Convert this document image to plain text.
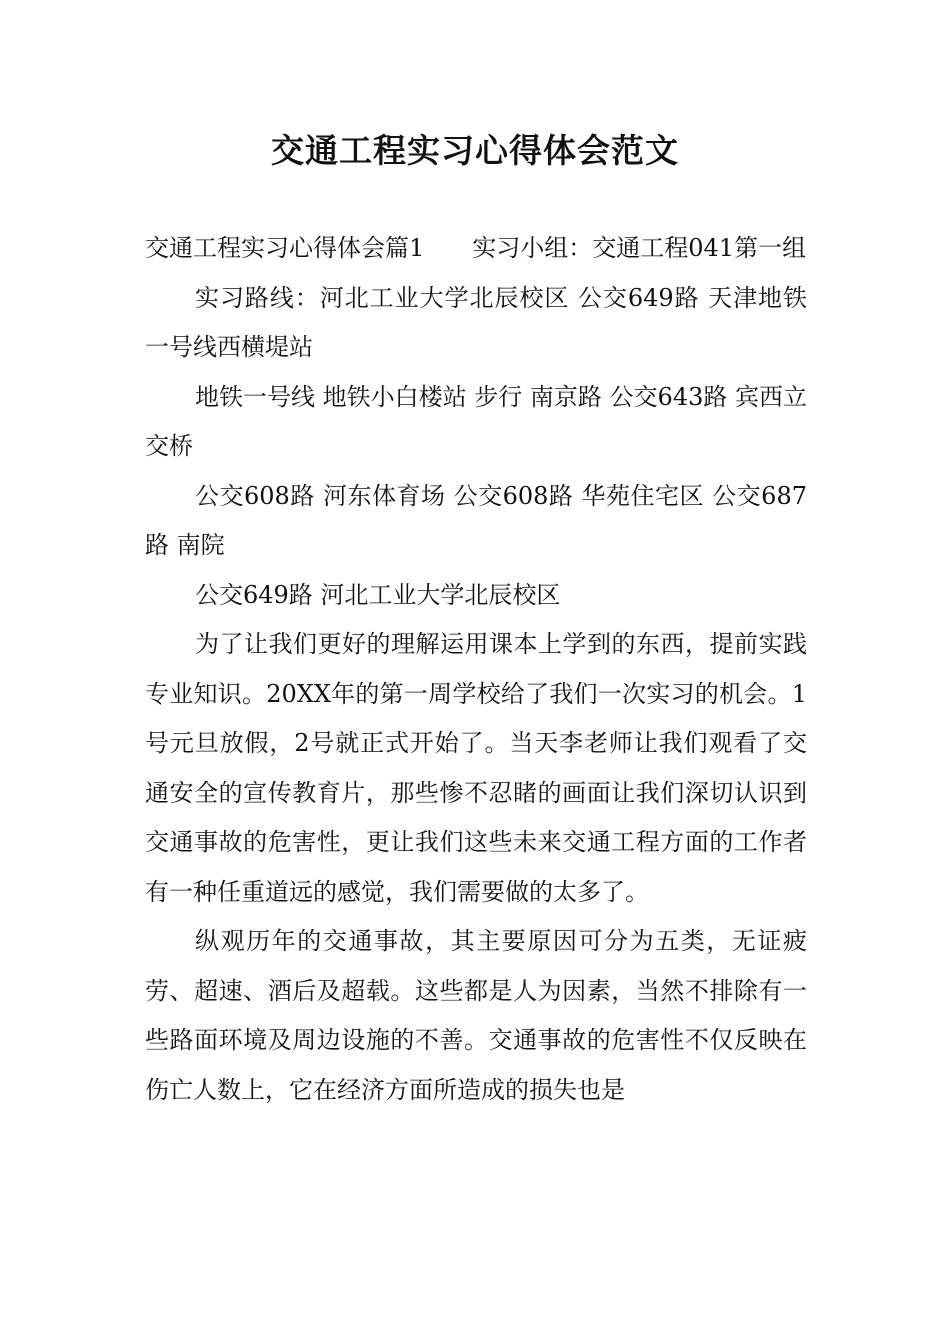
交通工程实习心得体会范文

交通工程实习心得体会篇1　　实习小组：交通工程041第一组

实习路线：河北工业大学北辰校区 公交649路 天津地铁一号线西横堤站

地铁一号线 地铁小白楼站 步行 南京路 公交643路 宾西立交桥

公交608路 河东体育场 公交608路 华苑住宅区 公交687路 南院

公交649路 河北工业大学北辰校区

为了让我们更好的理解运用课本上学到的东西，提前实践专业知识。20XX年的第一周学校给了我们一次实习的机会。1号元旦放假，2号就正式开始了。当天李老师让我们观看了交通安全的宣传教育片，那些惨不忍睹的画面让我们深切认识到交通事故的危害性，更让我们这些未来交通工程方面的工作者有一种任重道远的感觉，我们需要做的太多了。

纵观历年的交通事故，其主要原因可分为五类，无证疲劳、超速、酒后及超载。这些都是人为因素，当然不排除有一些路面环境及周边设施的不善。交通事故的危害性不仅反映在伤亡人数上，它在经济方面所造成的损失也是
